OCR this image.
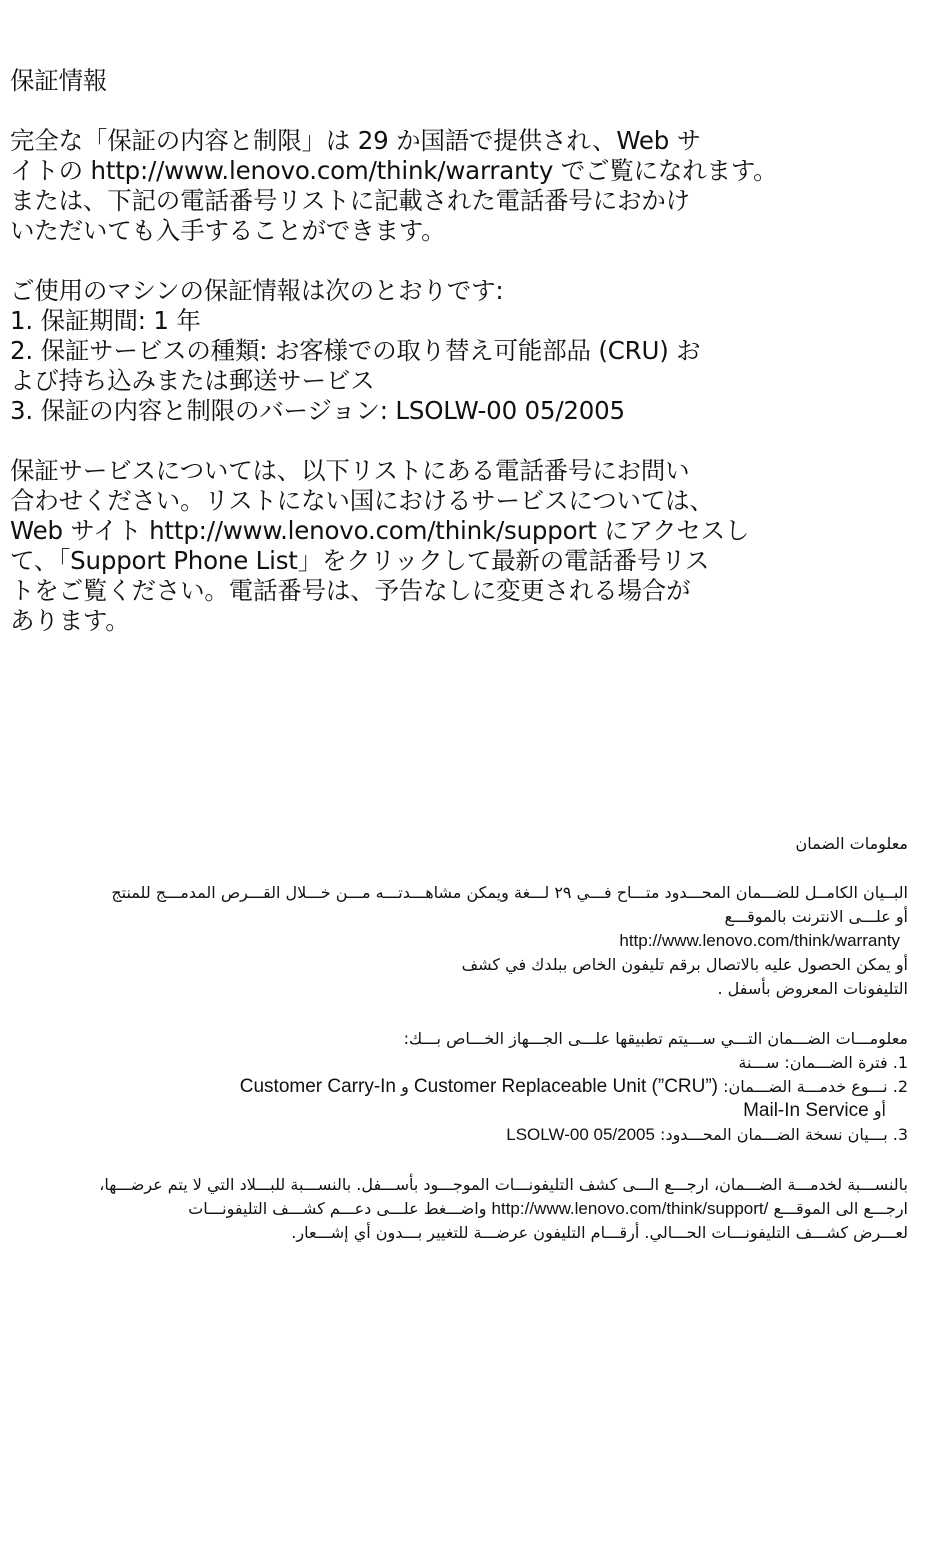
保証情報

完全な「保証の内容と制限」は 29 か国語で提供され、Web サ

イトの http://www.lenovo.com/think/warranty でご覧になれます。

または、下記の電話番号リストに記載された電話番号におかけ

いただいても入手することができます。

ご使用のマシンの保証情報は次のとおりです:

1. 保証期間: 1 年

2. 保証サービスの種類: お客様での取り替え可能部品 (CRU) お

よび持ち込みまたは郵送サービス

3. 保証の内容と制限のバージョン: LSOLW-00 05/2005

保証サービスについては、以下リストにある電話番号にお問い

合わせください。リストにない国におけるサービスについては、

Web サイト http://www.lenovo.com/think/support にアクセスし

て、「Support Phone List」をクリックして最新の電話番号リス

トをご覧ください。電話番号は、予告なしに変更される場合が

あります。

معلومات الضمان

البــيان الكامــل للضـــمان المحـــدود متـــاح فـــي ٢٩ لـــغة ويمكن مشاهـــدتـــه مـــن خـــلال القـــرص المدمـــج للمنتج

أو علـــى الانترنت بالموقـــع

http://www.lenovo.com/think/warranty

أو يمكن الحصول عليه بالاتصال برقم تليفون الخاص ببلدك في كشف

التليفونات المعروض بأسفل .

معلومـــات الضـــمان التـــي ســـيتم تطبيقها علـــى الجـــهاز الخـــاص بـــك:

1. فترة الضـــمان: ســـنة

2. نـــوع خدمـــة الضـــمان: Customer Replaceable Unit (”CRU”) و Customer Carry-In

أو Mail-In Service

3. بـــيان نسخة الضـــمان المحـــدود: LSOLW-00 05/2005

بالنســـبة لخدمـــة الضـــمان، ارجـــع الـــى كشف التليفونـــات الموجـــود بأســـفل. بالنســـبة للبـــلاد التي لا يتم عرضـــها،

ارجـــع الى الموقـــع http://www.lenovo.com/think/support/ واضـــغط علـــى دعـــم كشـــف التليفونـــات

لعـــرض كشـــف التليفونـــات الحـــالي. أرقـــام التليفون عرضـــة للتغيير بـــدون أي إشـــعار.
